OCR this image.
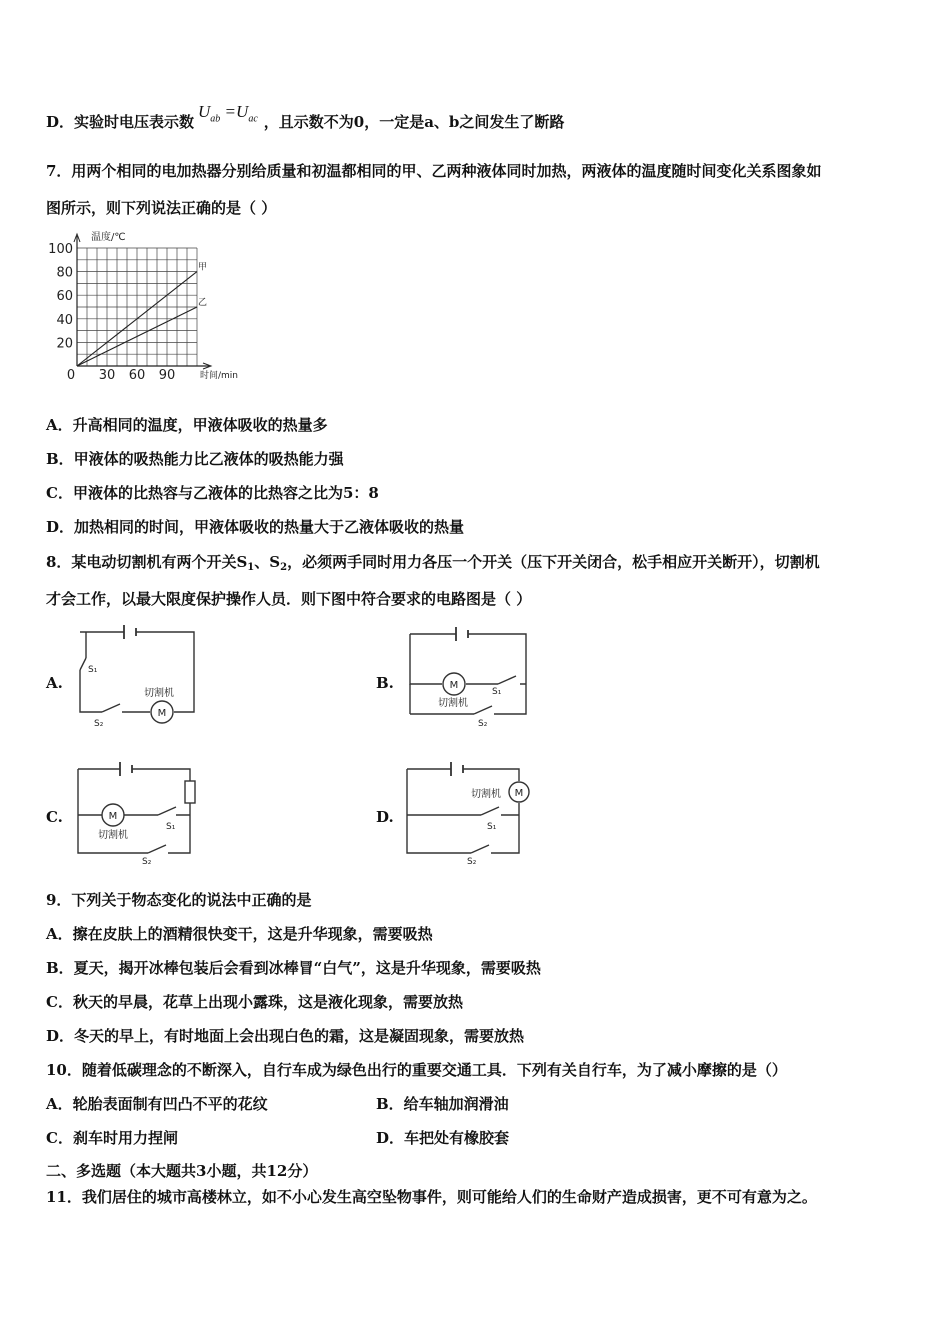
D．实验时电压表示数$U_{ab} =U_{ac}$ ，且示数不为0，一定是a、b之间发生了断路
7．用两个相同的电加热器分别给质量和初温都相同的甲、乙两种液体同时加热，两液体的温度随时间变化关系图象如
图所示，则下列说法正确的是（ ）
甲
乙
20
40
60
80
100
0 30 60 90
温度/℃
时间/min
A．升高相同的温度，甲液体吸收的热量多
B．甲液体的吸热能力比乙液体的吸热能力强
C．甲液体的比热容与乙液体的比热容之比为5：8
D．加热相同的时间，甲液体吸收的热量大于乙液体吸收的热量
8．某电动切割机有两个开关$S_1$、$S_2$，必须两手同时用力各压一个开关（压下开关闭合，松手相应开关断开），切割机
才会工作，以最大限度保护操作人员．则下图中符合要求的电路图是（ ）
A.	B.
C.	D.
M
切割机
S₁
S₂
M
切割机
S₁
S₂
M
切割机
S₁
S₂
M
切割机
S₁
S₂
9．下列关于物态变化的说法中正确的是
A．擦在皮肤上的酒精很快变干，这是升华现象，需要吸热
B．夏天，揭开冰棒包装后会看到冰棒冒“白气”，这是升华现象，需要吸热
C．秋天的早晨，花草上出现小露珠，这是液化现象，需要放热
D．冬天的早上，有时地面上会出现白色的霜，这是凝固现象，需要放热
10．随着低碳理念的不断深入，自行车成为绿色出行的重要交通工具．下列有关自行车，为了减小摩擦的是（）
A．轮胎表面制有凹凸不平的花纹	B．给车轴加润滑油
C．刹车时用力捏闸	D．车把处有橡胶套
二、多选题（本大题共3小题，共12分）
11．我们居住的城市高楼林立，如不小心发生高空坠物事件，则可能给人们的生命财产造成损害，更不可有意为之。
